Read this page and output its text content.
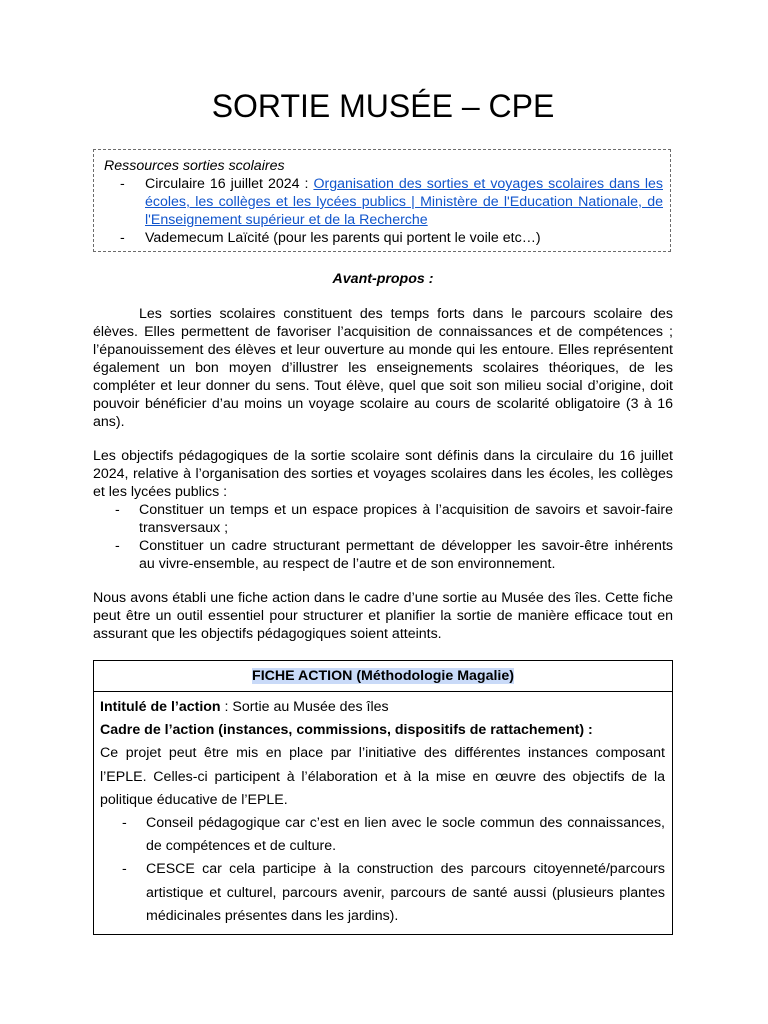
SORTIE MUSÉE – CPE

Ressources sorties scolaires

- Circulaire 16 juillet 2024 : Organisation des sorties et voyages scolaires dans les écoles, les collèges et les lycées publics | Ministère de l'Education Nationale, de l'Enseignement supérieur et de la Recherche
- Vademecum Laïcité (pour les parents qui portent le voile etc…)

Avant-propos :

Les sorties scolaires constituent des temps forts dans le parcours scolaire des élèves. Elles permettent de favoriser l’acquisition de connaissances et de compétences ; l’épanouissement des élèves et leur ouverture au monde qui les entoure. Elles représentent également un bon moyen d’illustrer les enseignements scolaires théoriques, de les compléter et leur donner du sens. Tout élève, quel que soit son milieu social d’origine, doit pouvoir bénéficier d’au moins un voyage scolaire au cours de scolarité obligatoire (3 à 16 ans).

Les objectifs pédagogiques de la sortie scolaire sont définis dans la circulaire du 16 juillet 2024, relative à l’organisation des sorties et voyages scolaires dans les écoles, les collèges et les lycées publics :

- Constituer un temps et un espace propices à l’acquisition de savoirs et savoir-faire transversaux ;
- Constituer un cadre structurant permettant de développer les savoir-être inhérents au vivre-ensemble, au respect de l’autre et de son environnement.

Nous avons établi une fiche action dans le cadre d’une sortie au Musée des îles. Cette fiche peut être un outil essentiel pour structurer et planifier la sortie de manière efficace tout en assurant que les objectifs pédagogiques soient atteints.

FICHE ACTION (Méthodologie Magalie)

Intitulé de l’action : Sortie au Musée des îles

Cadre de l’action (instances, commissions, dispositifs de rattachement) :

Ce projet peut être mis en place par l’initiative des différentes instances composant l’EPLE. Celles-ci participent à l’élaboration et à la mise en œuvre des objectifs de la politique éducative de l’EPLE.

- Conseil pédagogique car c’est en lien avec le socle commun des connaissances, de compétences et de culture.
- CESCE car cela participe à la construction des parcours citoyenneté/parcours artistique et culturel, parcours avenir, parcours de santé aussi (plusieurs plantes médicinales présentes dans les jardins).
